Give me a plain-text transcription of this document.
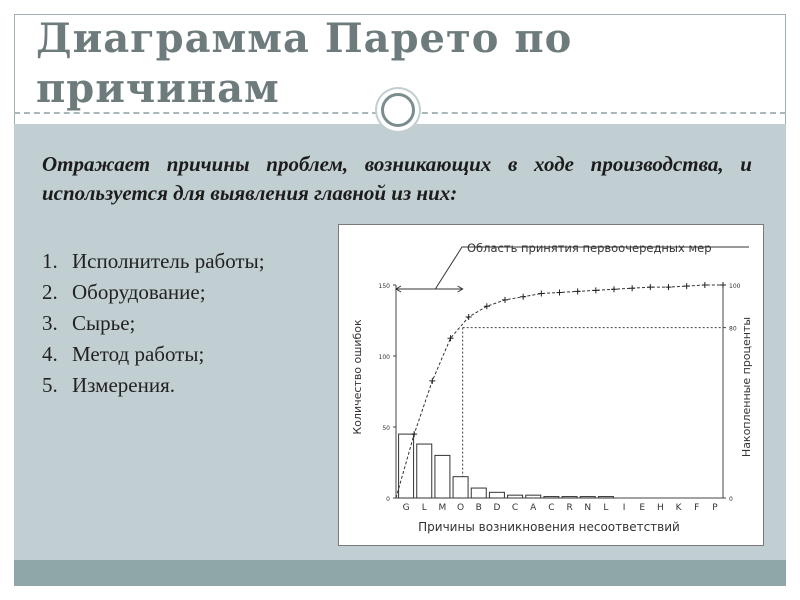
Диаграмма Парето по причинам
Отражает причины проблем, возникающих в ходе производства, и используется для выявления главной из них:
1. Исполнитель работы;
2. Оборудование;
3. Сырье;
4. Метод работы;
5. Измерения.
0
50
100
150
0
80
100
G L M O B D C A C R N L I E H K F P
Область принятия первоочередных мер
Причины возникновения несоответствий
Количество ошибок	Накопленные проценты
